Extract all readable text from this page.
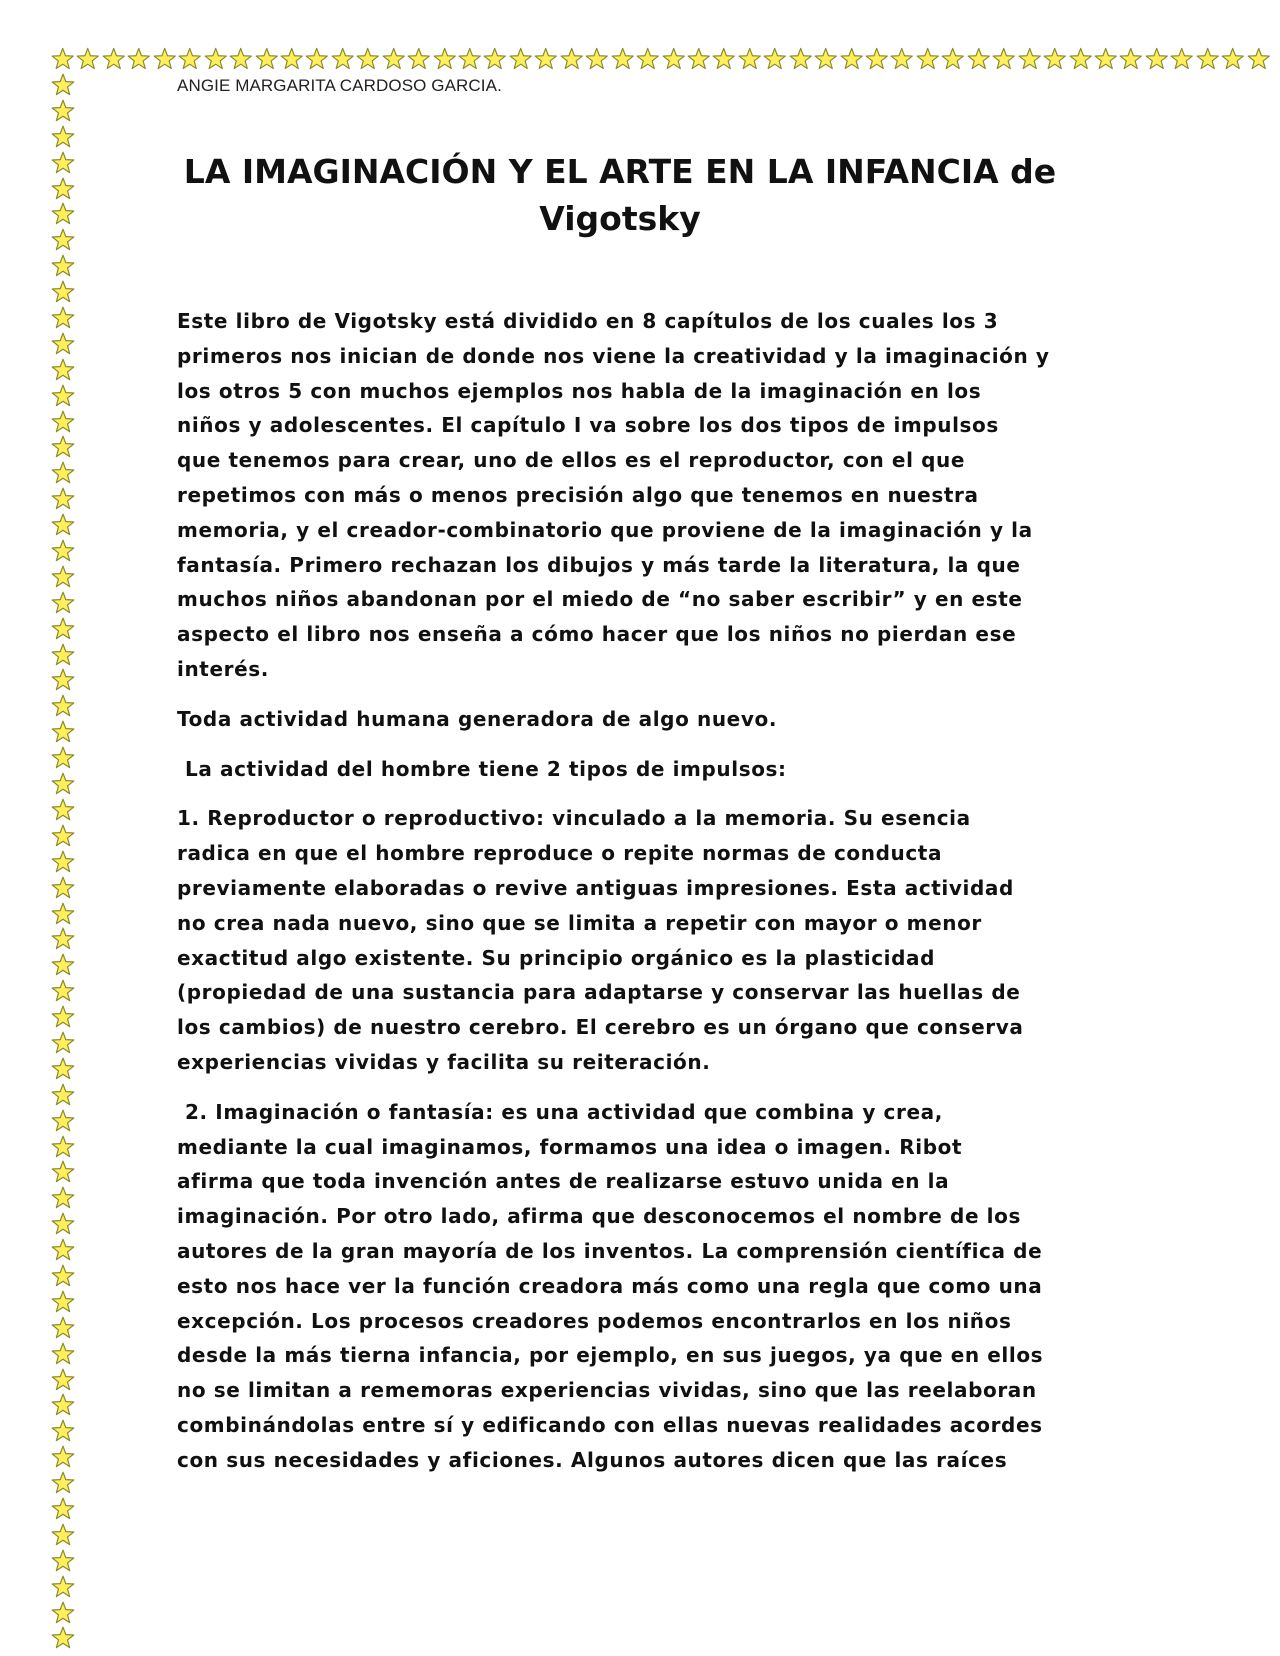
ANGIE MARGARITA CARDOSO GARCIA.

LA IMAGINACIÓN Y EL ARTE EN LA INFANCIA de Vigotsky

Este libro de Vigotsky está dividido en 8 capítulos de los cuales los 3
primeros nos inician de donde nos viene la creatividad y la imaginación y
los otros 5 con muchos ejemplos nos habla de la imaginación en los
niños y adolescentes. El capítulo I va sobre los dos tipos de impulsos
que tenemos para crear, uno de ellos es el reproductor, con el que
repetimos con más o menos precisión algo que tenemos en nuestra
memoria, y el creador-combinatorio que proviene de la imaginación y la
fantasía. Primero rechazan los dibujos y más tarde la literatura, la que
muchos niños abandonan por el miedo de “no saber escribir” y en este
aspecto el libro nos enseña a cómo hacer que los niños no pierdan ese
interés.

Toda actividad humana generadora de algo nuevo.

La actividad del hombre tiene 2 tipos de impulsos:

1. Reproductor o reproductivo: vinculado a la memoria. Su esencia
radica en que el hombre reproduce o repite normas de conducta
previamente elaboradas o revive antiguas impresiones. Esta actividad
no crea nada nuevo, sino que se limita a repetir con mayor o menor
exactitud algo existente. Su principio orgánico es la plasticidad
(propiedad de una sustancia para adaptarse y conservar las huellas de
los cambios) de nuestro cerebro. El cerebro es un órgano que conserva
experiencias vividas y facilita su reiteración.

2. Imaginación o fantasía: es una actividad que combina y crea,
mediante la cual imaginamos, formamos una idea o imagen. Ribot
afirma que toda invención antes de realizarse estuvo unida en la
imaginación. Por otro lado, afirma que desconocemos el nombre de los
autores de la gran mayoría de los inventos. La comprensión científica de
esto nos hace ver la función creadora más como una regla que como una
excepción. Los procesos creadores podemos encontrarlos en los niños
desde la más tierna infancia, por ejemplo, en sus juegos, ya que en ellos
no se limitan a rememoras experiencias vividas, sino que las reelaboran
combinándolas entre sí y edificando con ellas nuevas realidades acordes
con sus necesidades y aficiones. Algunos autores dicen que las raíces
